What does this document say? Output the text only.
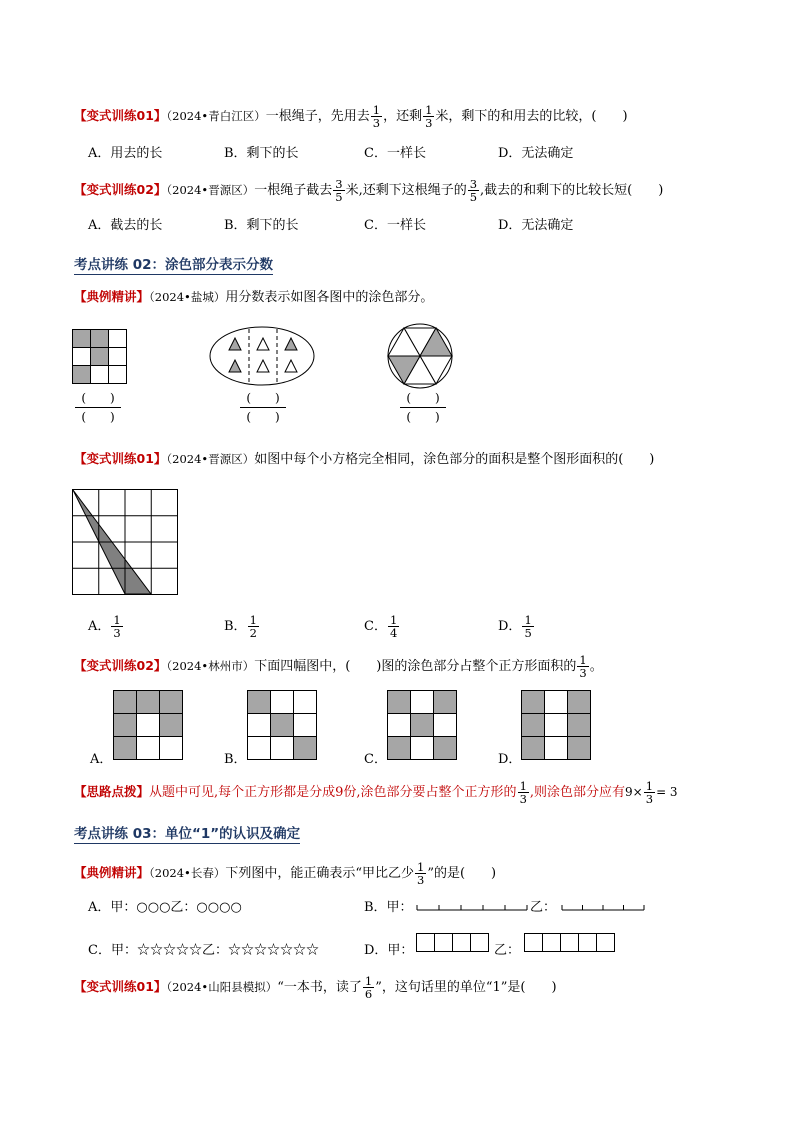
【变式训练01】（2024•青白江区）一根绳子，先用去 $\frac{1}{3}$ ，还剩 $\frac{1}{3}$ 米，剩下的和用去的比较，(　　)
A．用去的长	B．剩下的长	C．一样长	D．无法确定
【变式训练02】（2024•晋源区）一根绳子截去 $\frac{3}{5}$ 米,还剩下这根绳子的 $\frac{3}{5}$ ,截去的和剩下的比较长短(　　)
A．截去的长	B．剩下的长	C．一样长	D．无法确定
考点讲练 02：涂色部分表示分数
【典例精讲】（2024•盐城）用分数表示如图各图中的涂色部分。
(　　)
(　　)
(　　)
(　　)
(　　)
(　　)
【变式训练01】（2024•晋源区）如图中每个小方格完全相同，涂色部分的面积是整个图形面积的(　　)
A． $\frac{1}{3}$	B． $\frac{1}{2}$	C． $\frac{1}{4}$	D． $\frac{1}{5}$
【变式训练02】（2024•林州市）下面四幅图中，(　　)图的涂色部分占整个正方形面积的 $\frac{1}{3}$ 。
A．	B．	C．	D．
【思路点拨】从题中可见,每个正方形都是分成9份,涂色部分要占整个正方形的 $\frac{1}{3}$ ,则涂色部分应有$9\times \frac{1}{3} = 3$
考点讲练 03：单位“1”的认识及确定
【典例精讲】（2024•长春）下列图中，能正确表示“甲比乙少 $\frac{1}{3}$ ”的是(　　)
A．甲：○○○乙：○○○○	B．甲：	乙：
C．甲：☆☆☆☆☆乙：☆☆☆☆☆☆☆	D．甲：	乙：
【变式训练01】（2024•山阳县模拟）“一本书，读了 $\frac{1}{6}$ ”，这句话里的单位“1”是(　　)
